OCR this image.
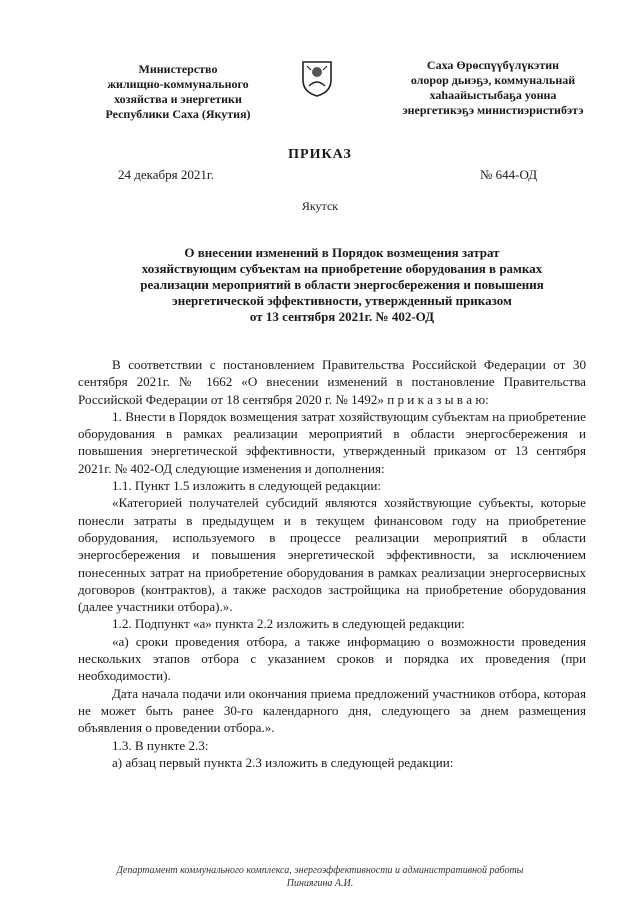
Министерство
жилищно-коммунального
хозяйства и энергетики
Республики Саха (Якутия)
Саха Өрөспүүбүлүкэтин
олорор дьиэҕэ, коммунальнай
хаһаайыстыбаҕа уонна
энергетикэҕэ министиэристибэтэ
ПРИКАЗ
24 декабря 2021г.	№ 644-ОД
Якутск
О внесении изменений в Порядок возмещения затрат
хозяйствующим субъектам на приобретение оборудования в рамках
реализации мероприятий в области энергосбережения и повышения
энергетической эффективности, утвержденный приказом
от 13 сентября 2021г. № 402-ОД

В соответствии с постановлением Правительства Российской Федерации от 30 сентября 2021г. № 1662 «О внесении изменений в постановление Правительства Российской Федерации от 18 сентября 2020 г. № 1492» п р и к а з ы в а ю:

1. Внести в Порядок возмещения затрат хозяйствующим субъектам на приобретение оборудования в рамках реализации мероприятий в области энергосбережения и повышения энергетической эффективности, утвержденный приказом от 13 сентября 2021г. № 402-ОД следующие изменения и дополнения:

1.1. Пункт 1.5 изложить в следующей редакции:

«Категорией получателей субсидий являются хозяйствующие субъекты, которые понесли затраты в предыдущем и в текущем финансовом году на приобретение оборудования, используемого в процессе реализации мероприятий в области энергосбережения и повышения энергетической эффективности, за исключением понесенных затрат на приобретение оборудования в рамках реализации энергосервисных договоров (контрактов), а также расходов застройщика на приобретение оборудования (далее участники отбора).».

1.2. Подпункт «а» пункта 2.2 изложить в следующей редакции:

«а) сроки проведения отбора, а также информацию о возможности проведения нескольких этапов отбора с указанием сроков и порядка их проведения (при необходимости).

Дата начала подачи или окончания приема предложений участников отбора, которая не может быть ранее 30-го календарного дня, следующего за днем размещения объявления о проведении отбора.».

1.3. В пункте 2.3:

а) абзац первый пункта 2.3 изложить в следующей редакции:

Департамент коммунального комплекса, энергоэффективности и административной работы
Пиниягина А.И.
